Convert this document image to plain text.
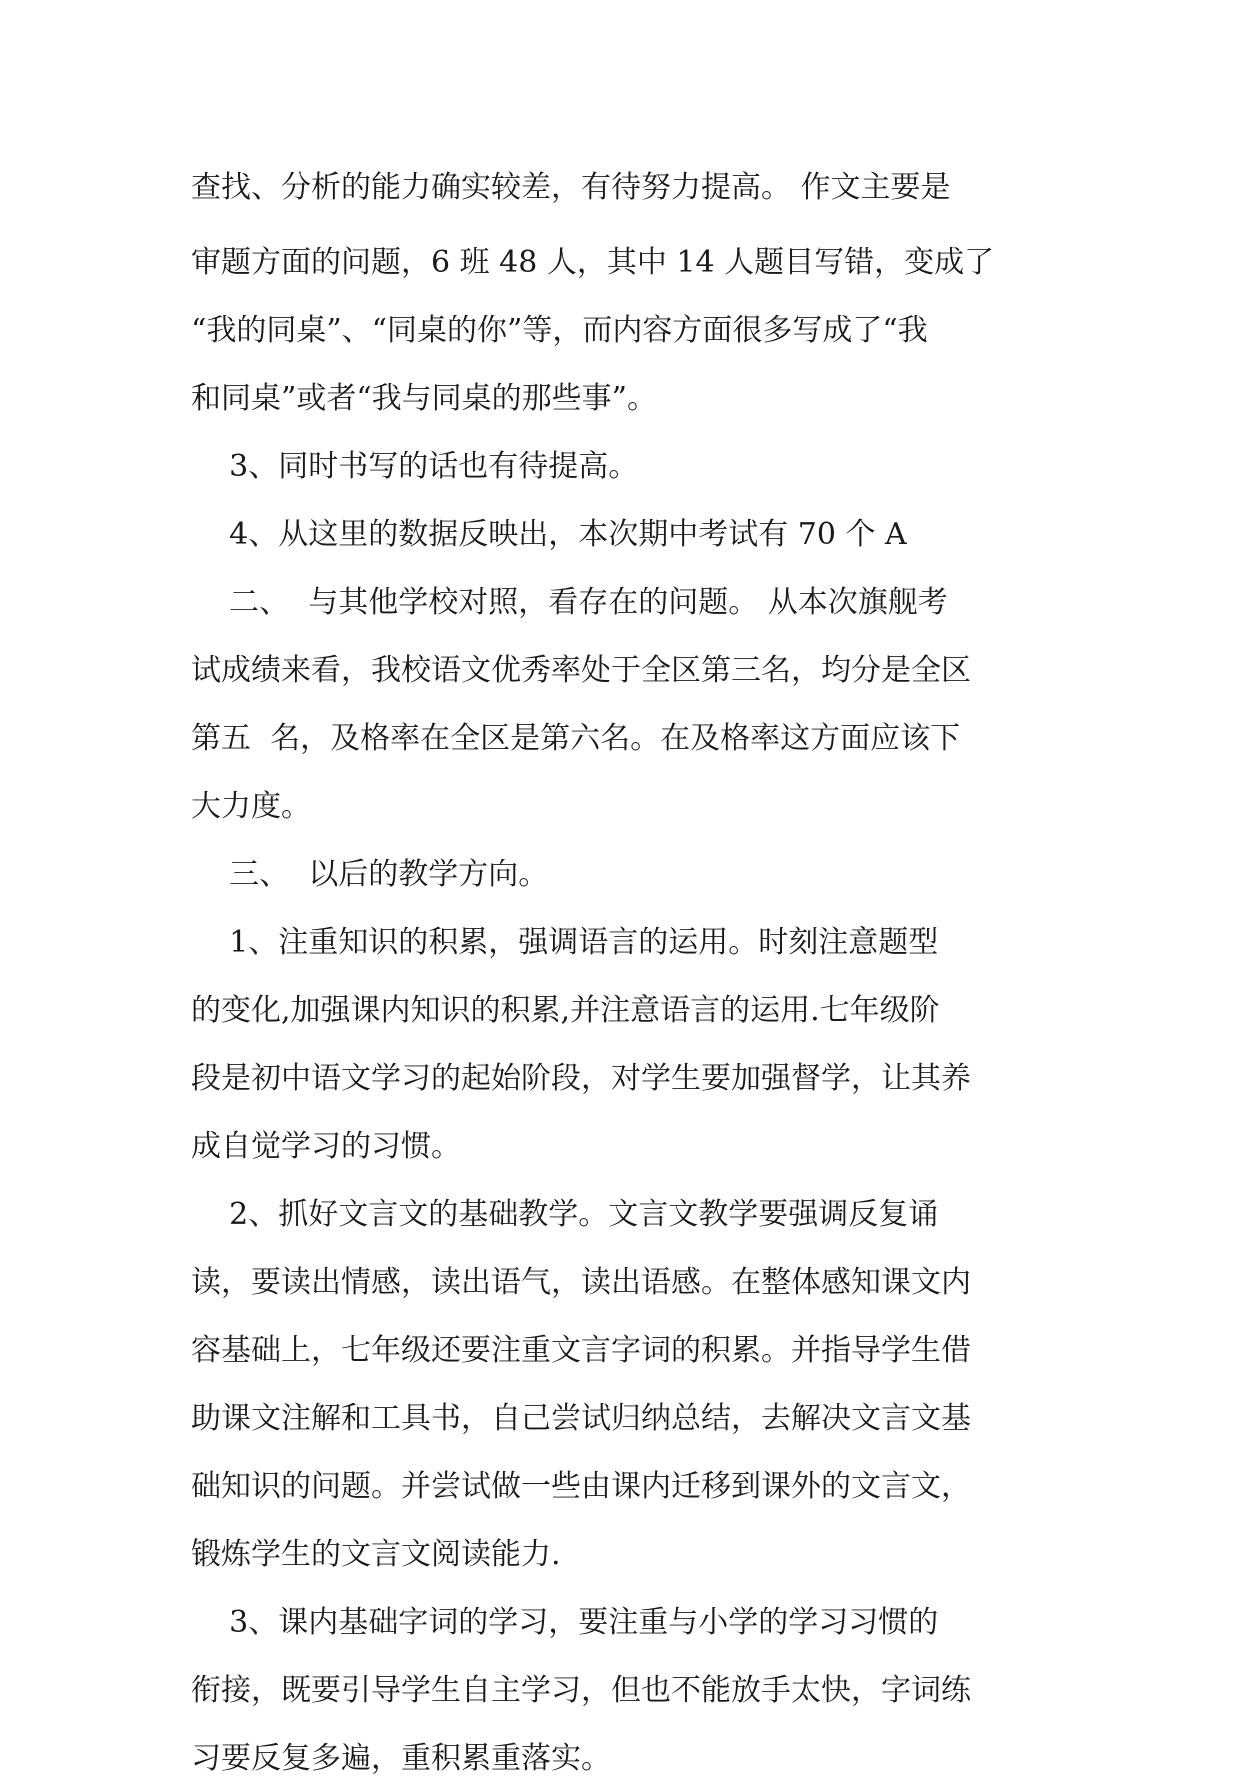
查找、分析的能力确实较差，有待努力提高。 作文主要是
审题方面的问题，6 班 48 人，其中 14 人题目写错，变成了
“我的同桌”、“同桌的你”等，而内容方面很多写成了“我
和同桌”或者“我与同桌的那些事”。
3、同时书写的话也有待提高。
4、从这里的数据反映出，本次期中考试有 70 个 A
二、  与其他学校对照，看存在的问题。 从本次旗舰考
试成绩来看，我校语文优秀率处于全区第三名，均分是全区
第五  名，及格率在全区是第六名。在及格率这方面应该下
大力度。
三、  以后的教学方向。
1、注重知识的积累，强调语言的运用。时刻注意题型
的变化,加强课内知识的积累,并注意语言的运用.七年级阶
段是初中语文学习的起始阶段，对学生要加强督学，让其养
成自觉学习的习惯。
2、抓好文言文的基础教学。文言文教学要强调反复诵
读，要读出情感，读出语气，读出语感。在整体感知课文内
容基础上，七年级还要注重文言字词的积累。并指导学生借
助课文注解和工具书，自己尝试归纳总结，去解决文言文基
础知识的问题。并尝试做一些由课内迁移到课外的文言文，
锻炼学生的文言文阅读能力.
3、课内基础字词的学习，要注重与小学的学习习惯的
衔接，既要引导学生自主学习，但也不能放手太快，字词练
习要反复多遍，重积累重落实。
